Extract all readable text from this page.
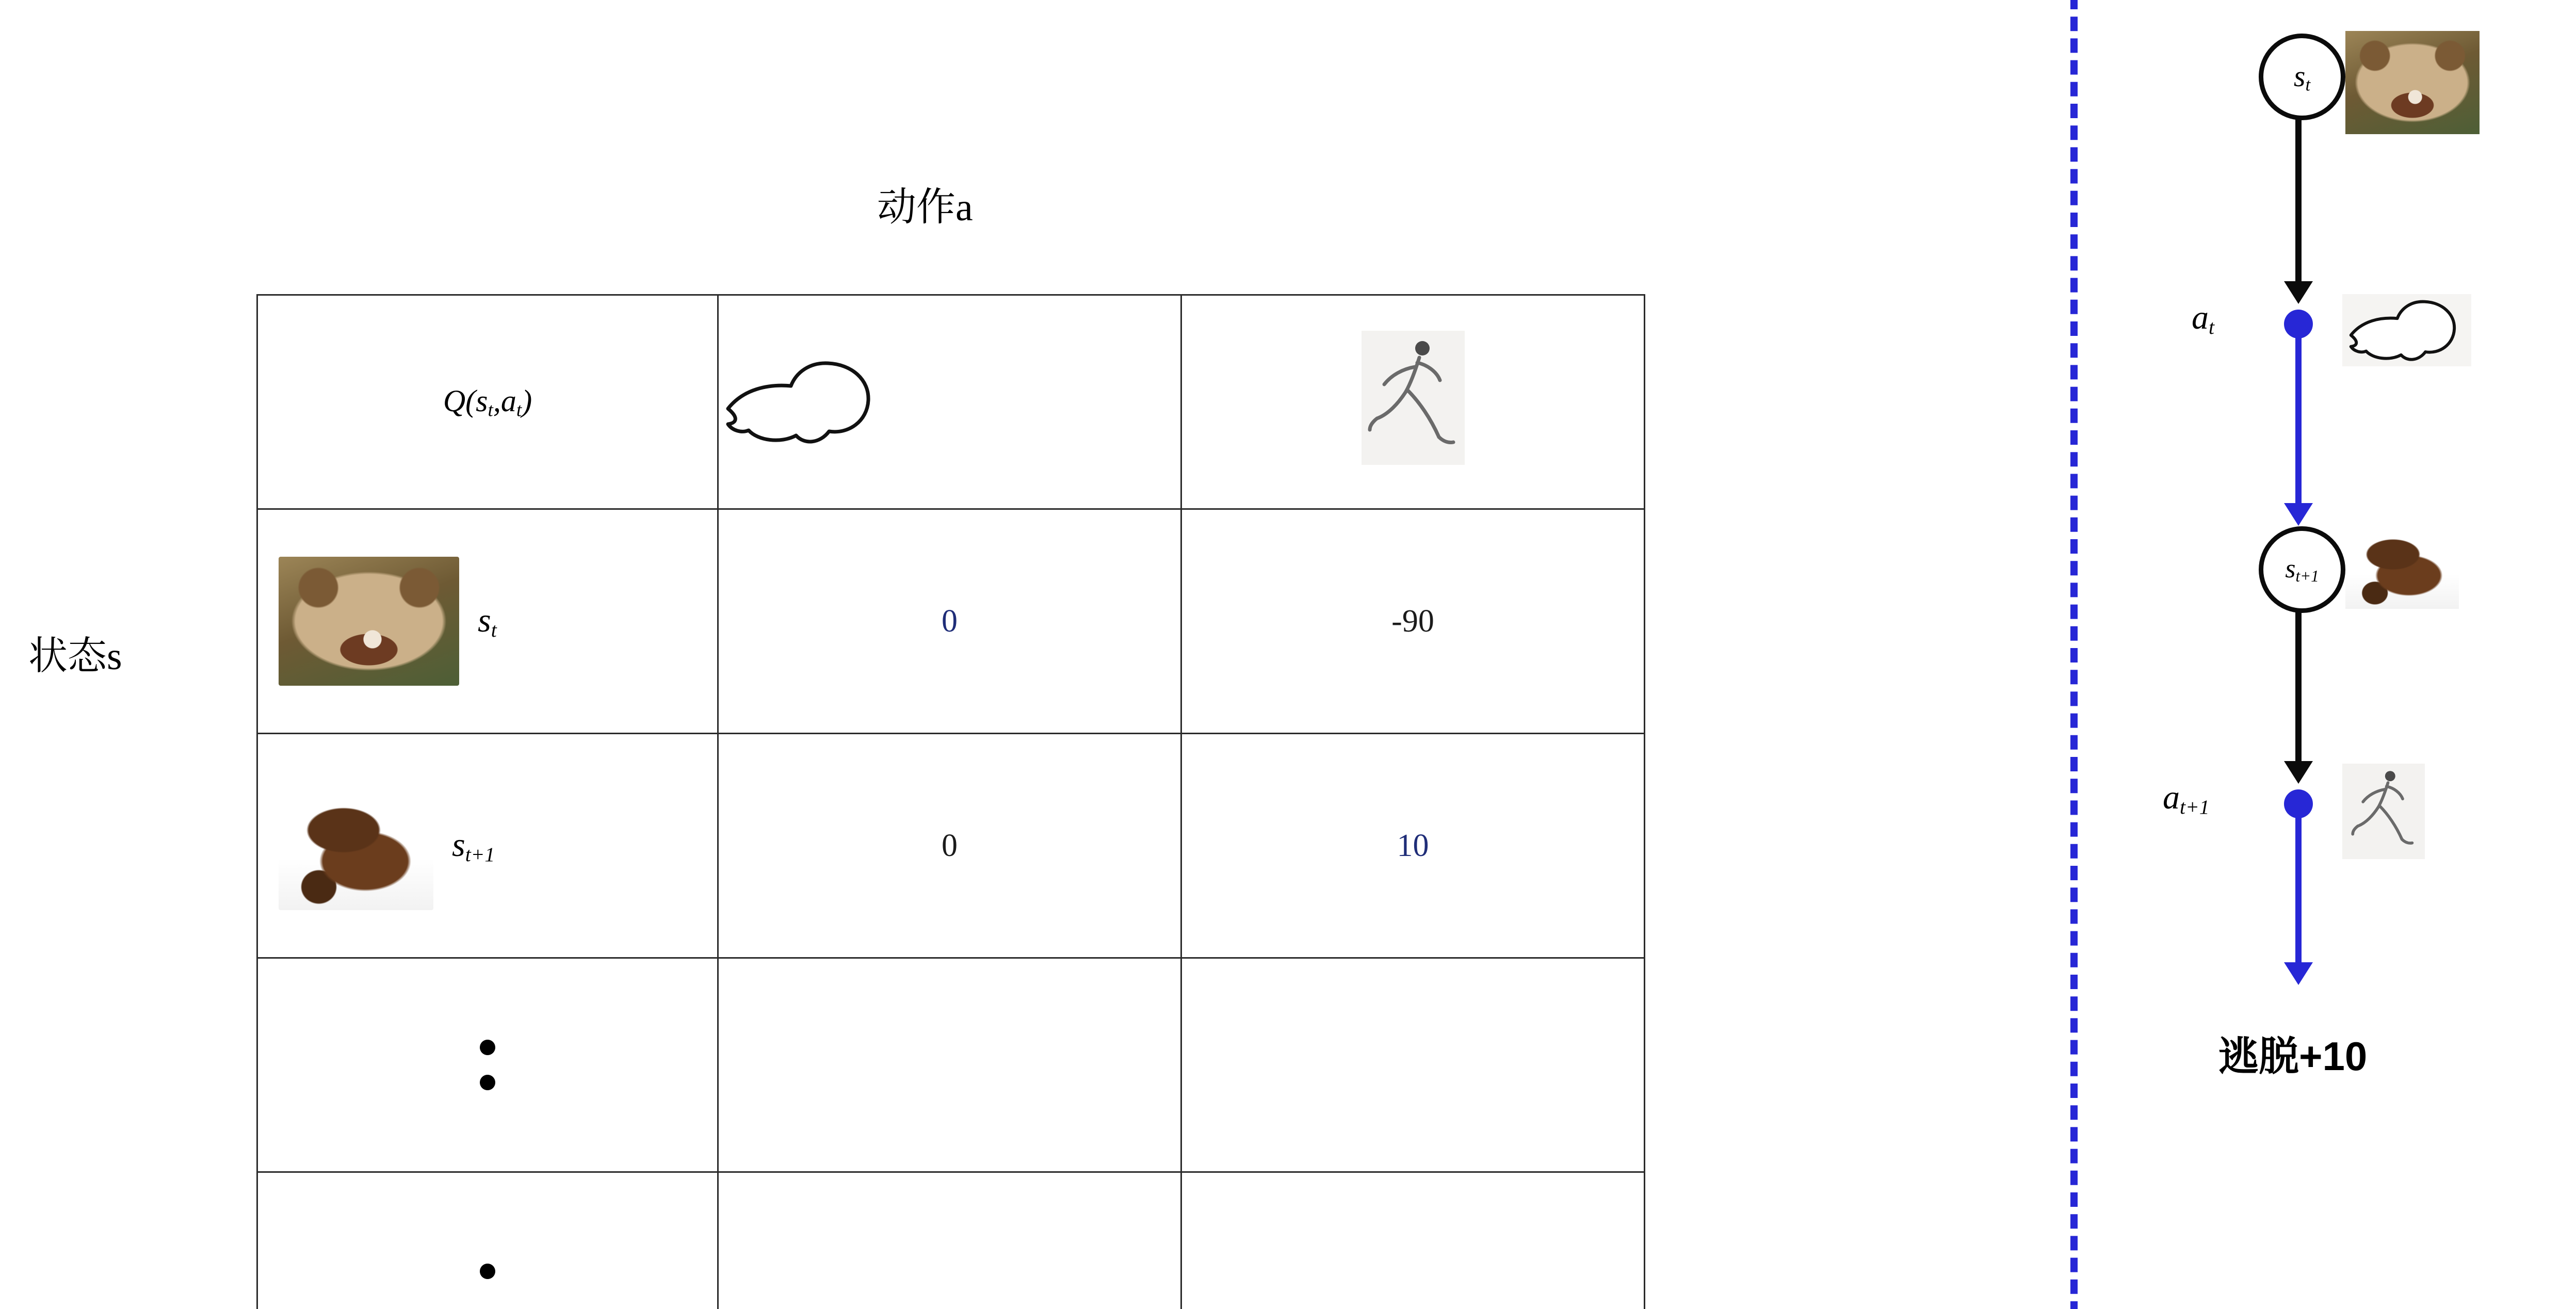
动作a
状态s
$Q(s_t,a_t)$	

$s_t$	0	-90

$s_{t+1}$	0	10

$s_t$
$a_t$
$s_{t+1}$
$a_{t+1}$
逃脱+10
